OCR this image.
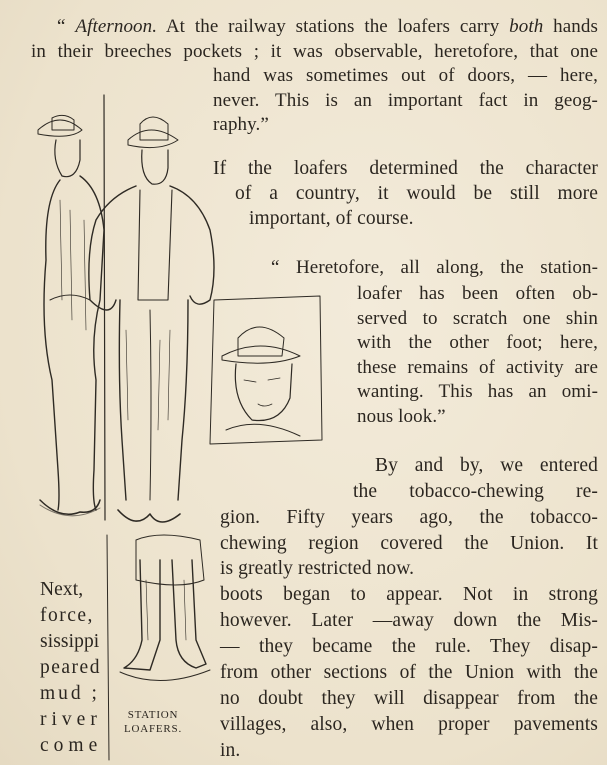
“ Afternoon. At the railway stations the loafers carry both hands
in their breeches pockets ; it was observable, heretofore, that one
hand was sometimes out of doors, — here,
never. This is an important fact in geog-
raphy.”
If the loafers determined the character
of a country, it would be still more
important, of course.
“ Heretofore, all along, the station-
loafer has been often ob-
served to scratch one shin
with the other foot; here,
these remains of activity are
wanting. This has an omi-
nous look.”
By and by, we entered
the tobacco-chewing re-
gion. Fifty years ago, the tobacco-
chewing region covered the Union. It
is greatly restricted now.
boots began to appear. Not in strong
however. Later —away down the Mis-
— they became the rule. They disap-
from other sections of the Union with the
no doubt they will disappear from the
villages, also, when proper pavements
in.
Next,
force,
sissippi
peared
mud ;
river
come
STATION
LOAFERS.
